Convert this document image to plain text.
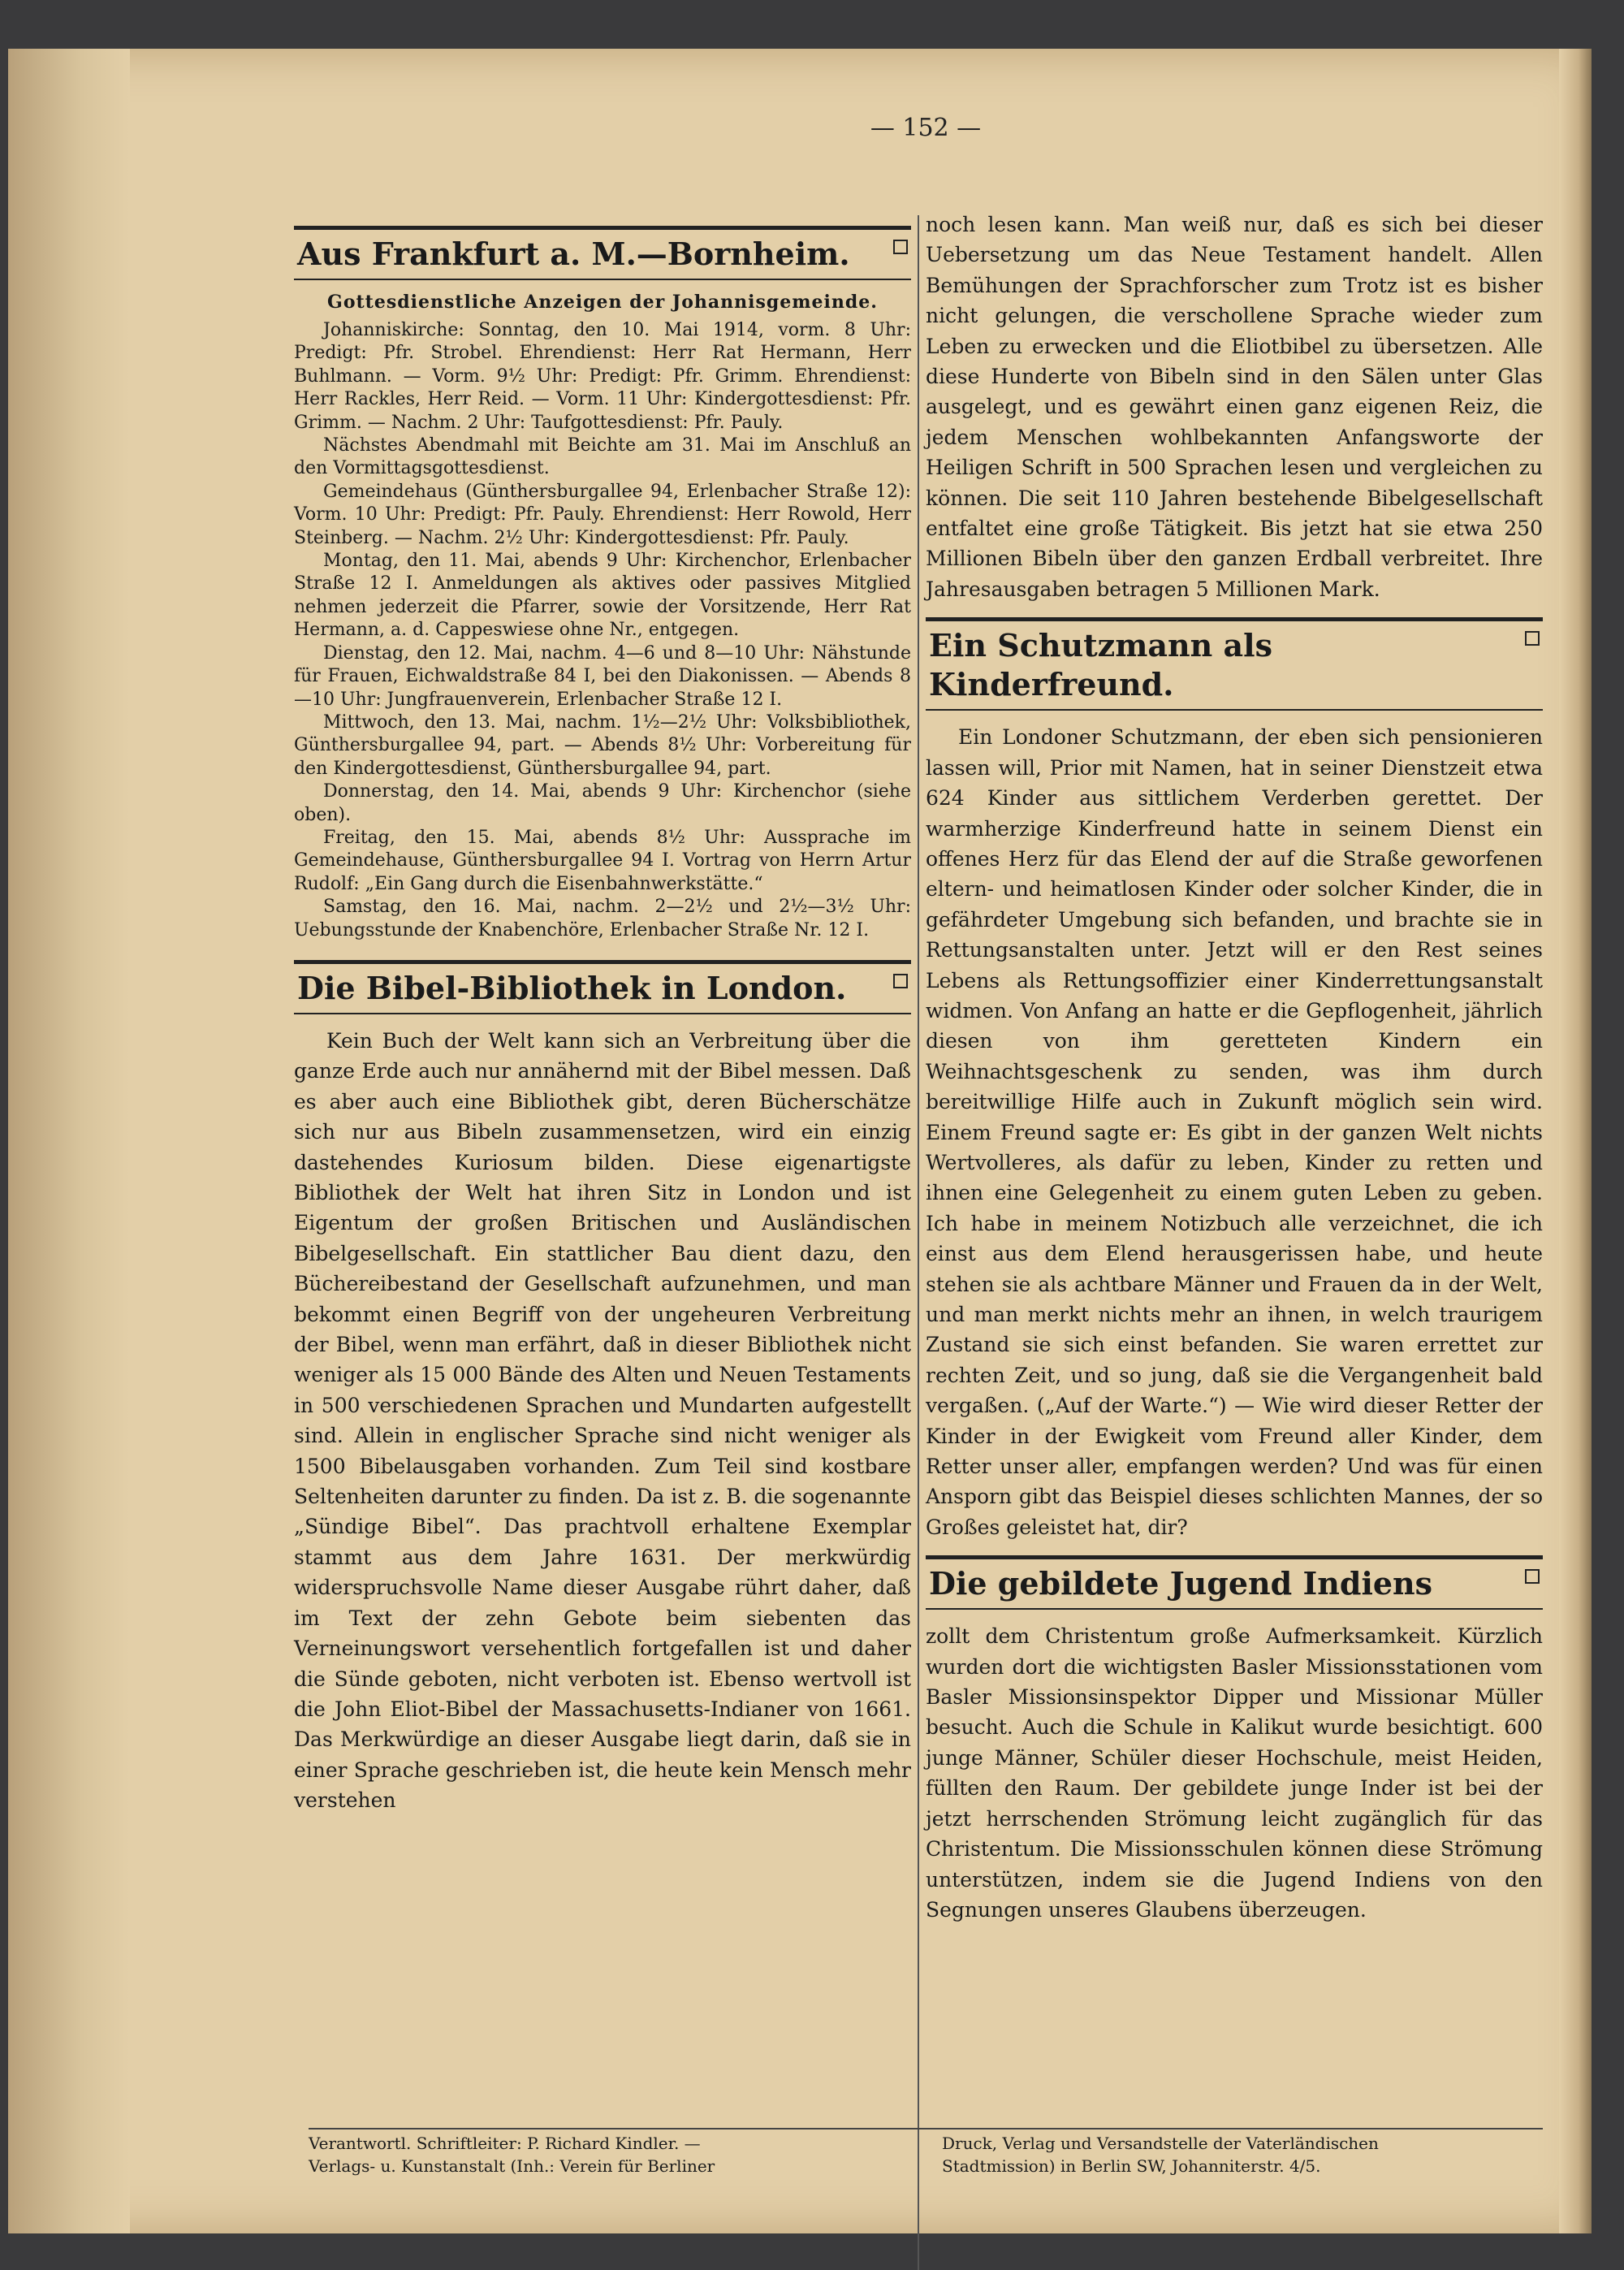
— 152 —
Aus Frankfurt a. M.—Bornheim.
Gottesdienstliche Anzeigen der Johannisgemeinde.

Johanniskirche: Sonntag, den 10. Mai 1914, vorm. 8 Uhr: Predigt: Pfr. Strobel. Ehrendienst: Herr Rat Hermann, Herr Buhlmann. — Vorm. 9½ Uhr: Predigt: Pfr. Grimm. Ehrendienst: Herr Rackles, Herr Reid. — Vorm. 11 Uhr: Kindergottesdienst: Pfr. Grimm. — Nachm. 2 Uhr: Taufgottesdienst: Pfr. Pauly.

Nächstes Abendmahl mit Beichte am 31. Mai im Anschluß an den Vormittagsgottesdienst.

Gemeindehaus (Günthersburgallee 94, Erlenbacher Straße 12): Vorm. 10 Uhr: Predigt: Pfr. Pauly. Ehrendienst: Herr Rowold, Herr Steinberg. — Nachm. 2½ Uhr: Kindergottesdienst: Pfr. Pauly.

Montag, den 11. Mai, abends 9 Uhr: Kirchenchor, Erlenbacher Straße 12 I. Anmeldungen als aktives oder passives Mitglied nehmen jederzeit die Pfarrer, sowie der Vorsitzende, Herr Rat Hermann, a. d. Cappeswiese ohne Nr., entgegen.

Dienstag, den 12. Mai, nachm. 4—6 und 8—10 Uhr: Nähstunde für Frauen, Eichwaldstraße 84 I, bei den Diakonissen. — Abends 8—10 Uhr: Jungfrauenverein, Erlenbacher Straße 12 I.

Mittwoch, den 13. Mai, nachm. 1½—2½ Uhr: Volksbibliothek, Günthersburgallee 94, part. — Abends 8½ Uhr: Vorbereitung für den Kindergottesdienst, Günthersburgallee 94, part.

Donnerstag, den 14. Mai, abends 9 Uhr: Kirchenchor (siehe oben).

Freitag, den 15. Mai, abends 8½ Uhr: Aussprache im Gemeindehause, Günthersburgallee 94 I. Vortrag von Herrn Artur Rudolf: „Ein Gang durch die Eisenbahnwerkstätte.“

Samstag, den 16. Mai, nachm. 2—2½ und 2½—3½ Uhr: Uebungsstunde der Knabenchöre, Erlenbacher Straße Nr. 12 I.

Die Bibel-Bibliothek in London.

Kein Buch der Welt kann sich an Verbreitung über die ganze Erde auch nur annähernd mit der Bibel messen. Daß es aber auch eine Bibliothek gibt, deren Bücherschätze sich nur aus Bibeln zusammensetzen, wird ein einzig dastehendes Kuriosum bilden. Diese eigenartigste Bibliothek der Welt hat ihren Sitz in London und ist Eigentum der großen Britischen und Ausländischen Bibelgesellschaft. Ein stattlicher Bau dient dazu, den Büchereibestand der Gesellschaft aufzunehmen, und man bekommt einen Begriff von der ungeheuren Verbreitung der Bibel, wenn man erfährt, daß in dieser Bibliothek nicht weniger als 15 000 Bände des Alten und Neuen Testaments in 500 verschiedenen Sprachen und Mundarten aufgestellt sind. Allein in englischer Sprache sind nicht weniger als 1500 Bibelausgaben vorhanden. Zum Teil sind kostbare Seltenheiten darunter zu finden. Da ist z. B. die sogenannte „Sündige Bibel“. Das prachtvoll erhaltene Exemplar stammt aus dem Jahre 1631. Der merkwürdig widerspruchsvolle Name dieser Ausgabe rührt daher, daß im Text der zehn Gebote beim siebenten das Verneinungswort versehentlich fortgefallen ist und daher die Sünde geboten, nicht verboten ist. Ebenso wertvoll ist die John Eliot-Bibel der Massachusetts-Indianer von 1661. Das Merkwürdige an dieser Ausgabe liegt darin, daß sie in einer Sprache geschrieben ist, die heute kein Mensch mehr verstehen

noch lesen kann. Man weiß nur, daß es sich bei dieser Uebersetzung um das Neue Testament handelt. Allen Bemühungen der Sprachforscher zum Trotz ist es bisher nicht gelungen, die verschollene Sprache wieder zum Leben zu erwecken und die Eliotbibel zu übersetzen. Alle diese Hunderte von Bibeln sind in den Sälen unter Glas ausgelegt, und es gewährt einen ganz eigenen Reiz, die jedem Menschen wohlbekannten Anfangsworte der Heiligen Schrift in 500 Sprachen lesen und vergleichen zu können. Die seit 110 Jahren bestehende Bibelgesellschaft entfaltet eine große Tätigkeit. Bis jetzt hat sie etwa 250 Millionen Bibeln über den ganzen Erdball verbreitet. Ihre Jahresausgaben betragen 5 Millionen Mark.

Ein Schutzmann als Kinderfreund.

Ein Londoner Schutzmann, der eben sich pensionieren lassen will, Prior mit Namen, hat in seiner Dienstzeit etwa 624 Kinder aus sittlichem Verderben gerettet. Der warmherzige Kinderfreund hatte in seinem Dienst ein offenes Herz für das Elend der auf die Straße geworfenen eltern- und heimatlosen Kinder oder solcher Kinder, die in gefährdeter Umgebung sich befanden, und brachte sie in Rettungsanstalten unter. Jetzt will er den Rest seines Lebens als Rettungsoffizier einer Kinderrettungsanstalt widmen. Von Anfang an hatte er die Gepflogenheit, jährlich diesen von ihm geretteten Kindern ein Weihnachtsgeschenk zu senden, was ihm durch bereitwillige Hilfe auch in Zukunft möglich sein wird. Einem Freund sagte er: Es gibt in der ganzen Welt nichts Wertvolleres, als dafür zu leben, Kinder zu retten und ihnen eine Gelegenheit zu einem guten Leben zu geben. Ich habe in meinem Notizbuch alle verzeichnet, die ich einst aus dem Elend herausgerissen habe, und heute stehen sie als achtbare Männer und Frauen da in der Welt, und man merkt nichts mehr an ihnen, in welch traurigem Zustand sie sich einst befanden. Sie waren errettet zur rechten Zeit, und so jung, daß sie die Vergangenheit bald vergaßen. („Auf der Warte.“) — Wie wird dieser Retter der Kinder in der Ewigkeit vom Freund aller Kinder, dem Retter unser aller, empfangen werden? Und was für einen Ansporn gibt das Beispiel dieses schlichten Mannes, der so Großes geleistet hat, dir?

Die gebildete Jugend Indiens

zollt dem Christentum große Aufmerksamkeit. Kürzlich wurden dort die wichtigsten Basler Missionsstationen vom Basler Missionsinspektor Dipper und Missionar Müller besucht. Auch die Schule in Kalikut wurde besichtigt. 600 junge Männer, Schüler dieser Hochschule, meist Heiden, füllten den Raum. Der gebildete junge Inder ist bei der jetzt herrschenden Strömung leicht zugänglich für das Christentum. Die Missionsschulen können diese Strömung unterstützen, indem sie die Jugend Indiens von den Segnungen unseres Glaubens überzeugen.

Verantwortl. Schriftleiter: P. Richard Kindler. —
Verlags- u. Kunstanstalt (Inh.: Verein für Berliner
Druck, Verlag und Versandstelle der Vaterländischen
Stadtmission) in Berlin SW, Johanniterstr. 4/5.
